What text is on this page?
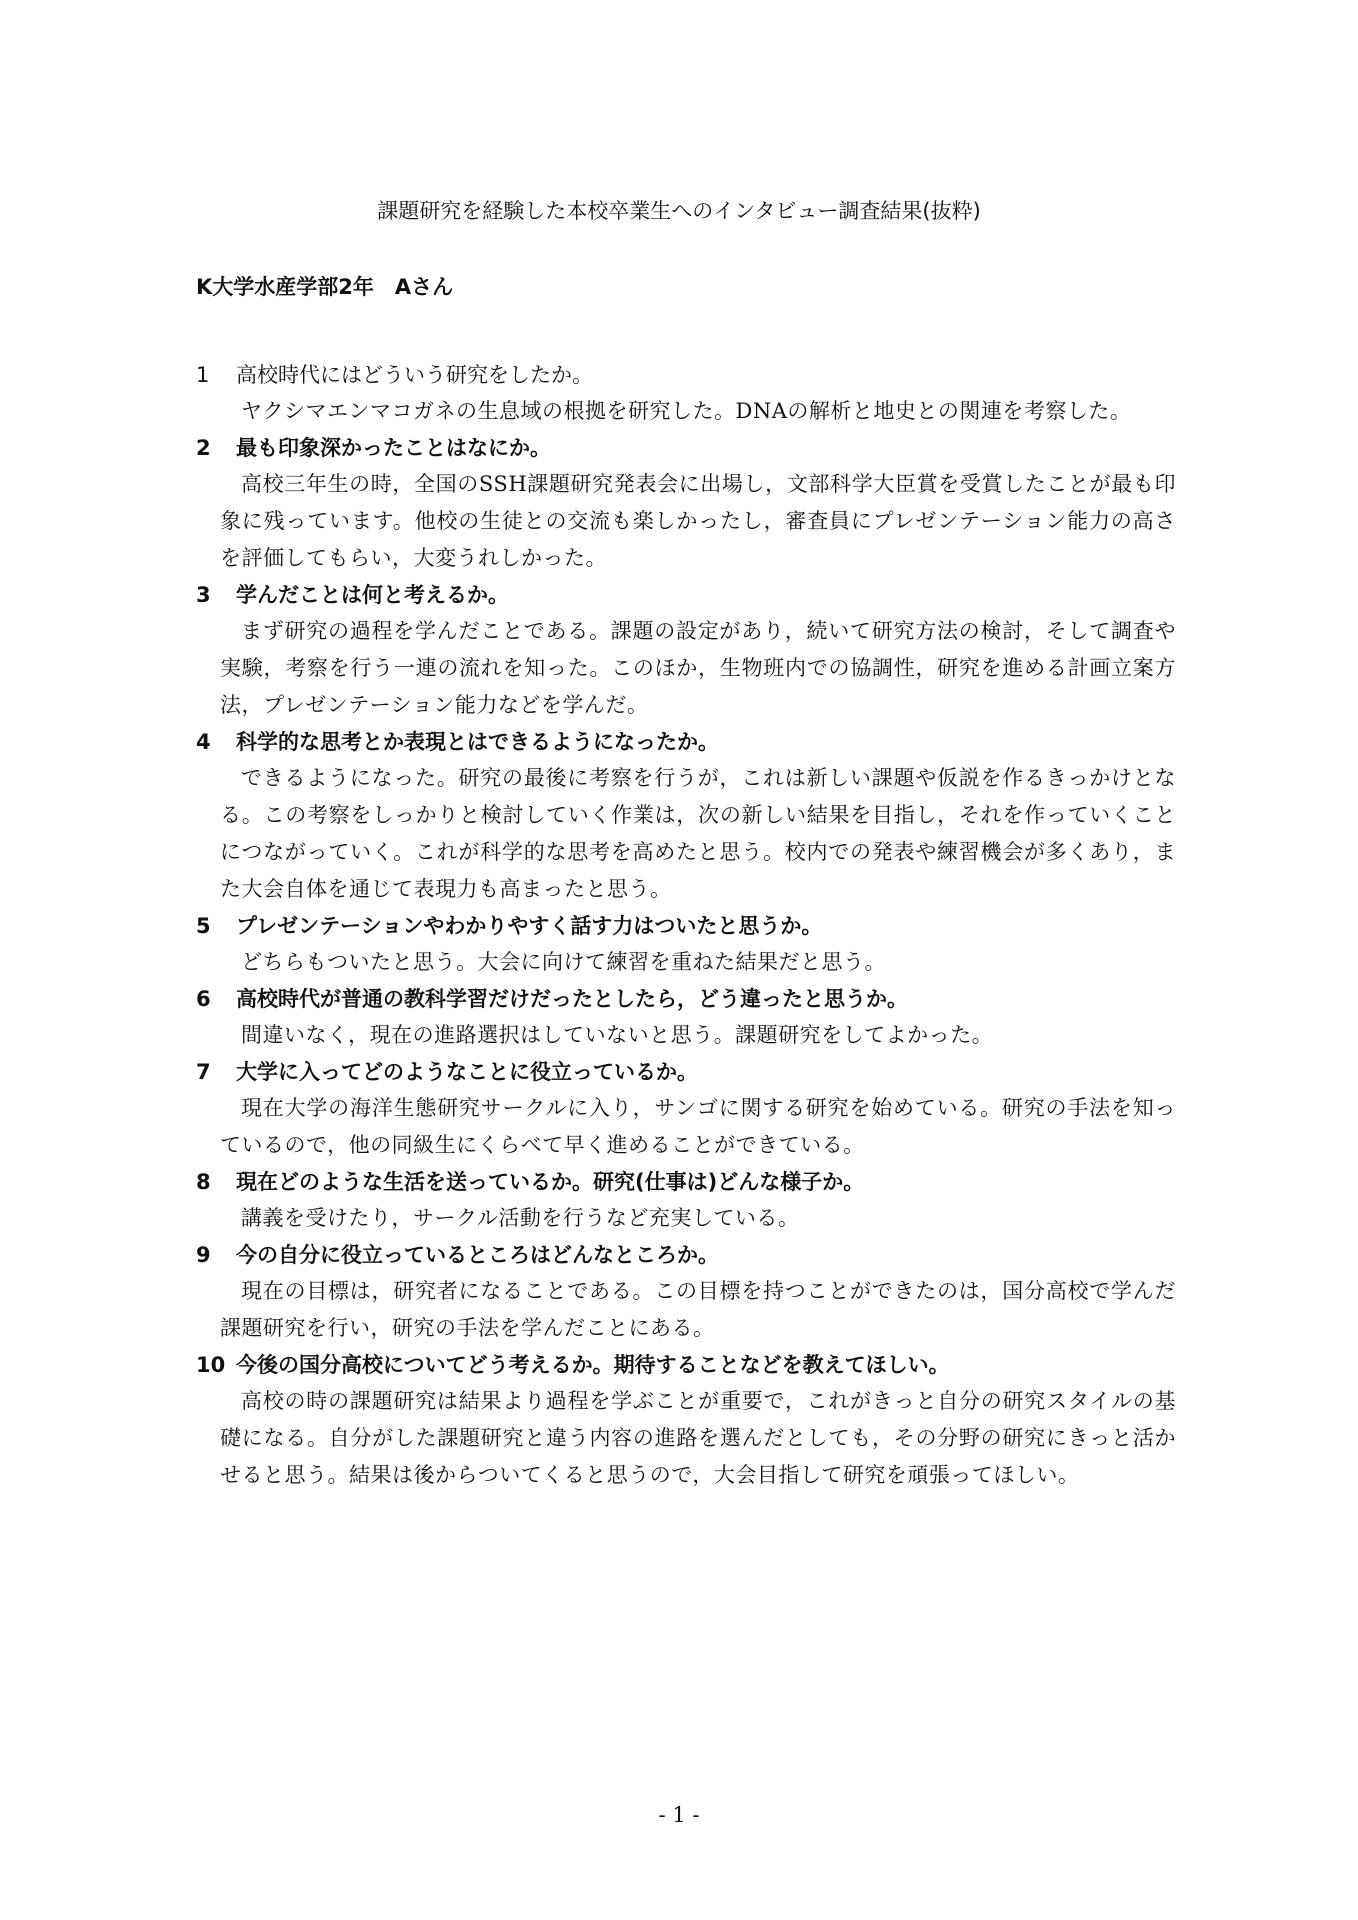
課題研究を経験した本校卒業生へのインタビュー調査結果(抜粋)
K大学水産学部2年　Aさん
1	高校時代にはどういう研究をしたか。

ヤクシマエンマコガネの生息域の根拠を研究した。DNAの解析と地史との関連を考察した。

2	最も印象深かったことはなにか。

高校三年生の時，全国のSSH課題研究発表会に出場し，文部科学大臣賞を受賞したことが最も印象に残っています。他校の生徒との交流も楽しかったし，審査員にプレゼンテーション能力の高さを評価してもらい，大変うれしかった。

3	学んだことは何と考えるか。

まず研究の過程を学んだことである。課題の設定があり，続いて研究方法の検討，そして調査や実験，考察を行う一連の流れを知った。このほか，生物班内での協調性，研究を進める計画立案方法，プレゼンテーション能力などを学んだ。

4	科学的な思考とか表現とはできるようになったか。

できるようになった。研究の最後に考察を行うが，これは新しい課題や仮説を作るきっかけとなる。この考察をしっかりと検討していく作業は，次の新しい結果を目指し，それを作っていくことにつながっていく。これが科学的な思考を高めたと思う。校内での発表や練習機会が多くあり，また大会自体を通じて表現力も高まったと思う。

5	プレゼンテーションやわかりやすく話す力はついたと思うか。

どちらもついたと思う。大会に向けて練習を重ねた結果だと思う。

6	高校時代が普通の教科学習だけだったとしたら，どう違ったと思うか。

間違いなく，現在の進路選択はしていないと思う。課題研究をしてよかった。

7	大学に入ってどのようなことに役立っているか。

現在大学の海洋生態研究サークルに入り，サンゴに関する研究を始めている。研究の手法を知っているので，他の同級生にくらべて早く進めることができている。

8	現在どのような生活を送っているか。研究(仕事は)どんな様子か。

講義を受けたり，サークル活動を行うなど充実している。

9	今の自分に役立っているところはどんなところか。

現在の目標は，研究者になることである。この目標を持つことができたのは，国分高校で学んだ課題研究を行い，研究の手法を学んだことにある。

10 今後の国分高校についてどう考えるか。期待することなどを教えてほしい。

高校の時の課題研究は結果より過程を学ぶことが重要で，これがきっと自分の研究スタイルの基礎になる。自分がした課題研究と違う内容の進路を選んだとしても，その分野の研究にきっと活かせると思う。結果は後からついてくると思うので，大会目指して研究を頑張ってほしい。

- 1 -
